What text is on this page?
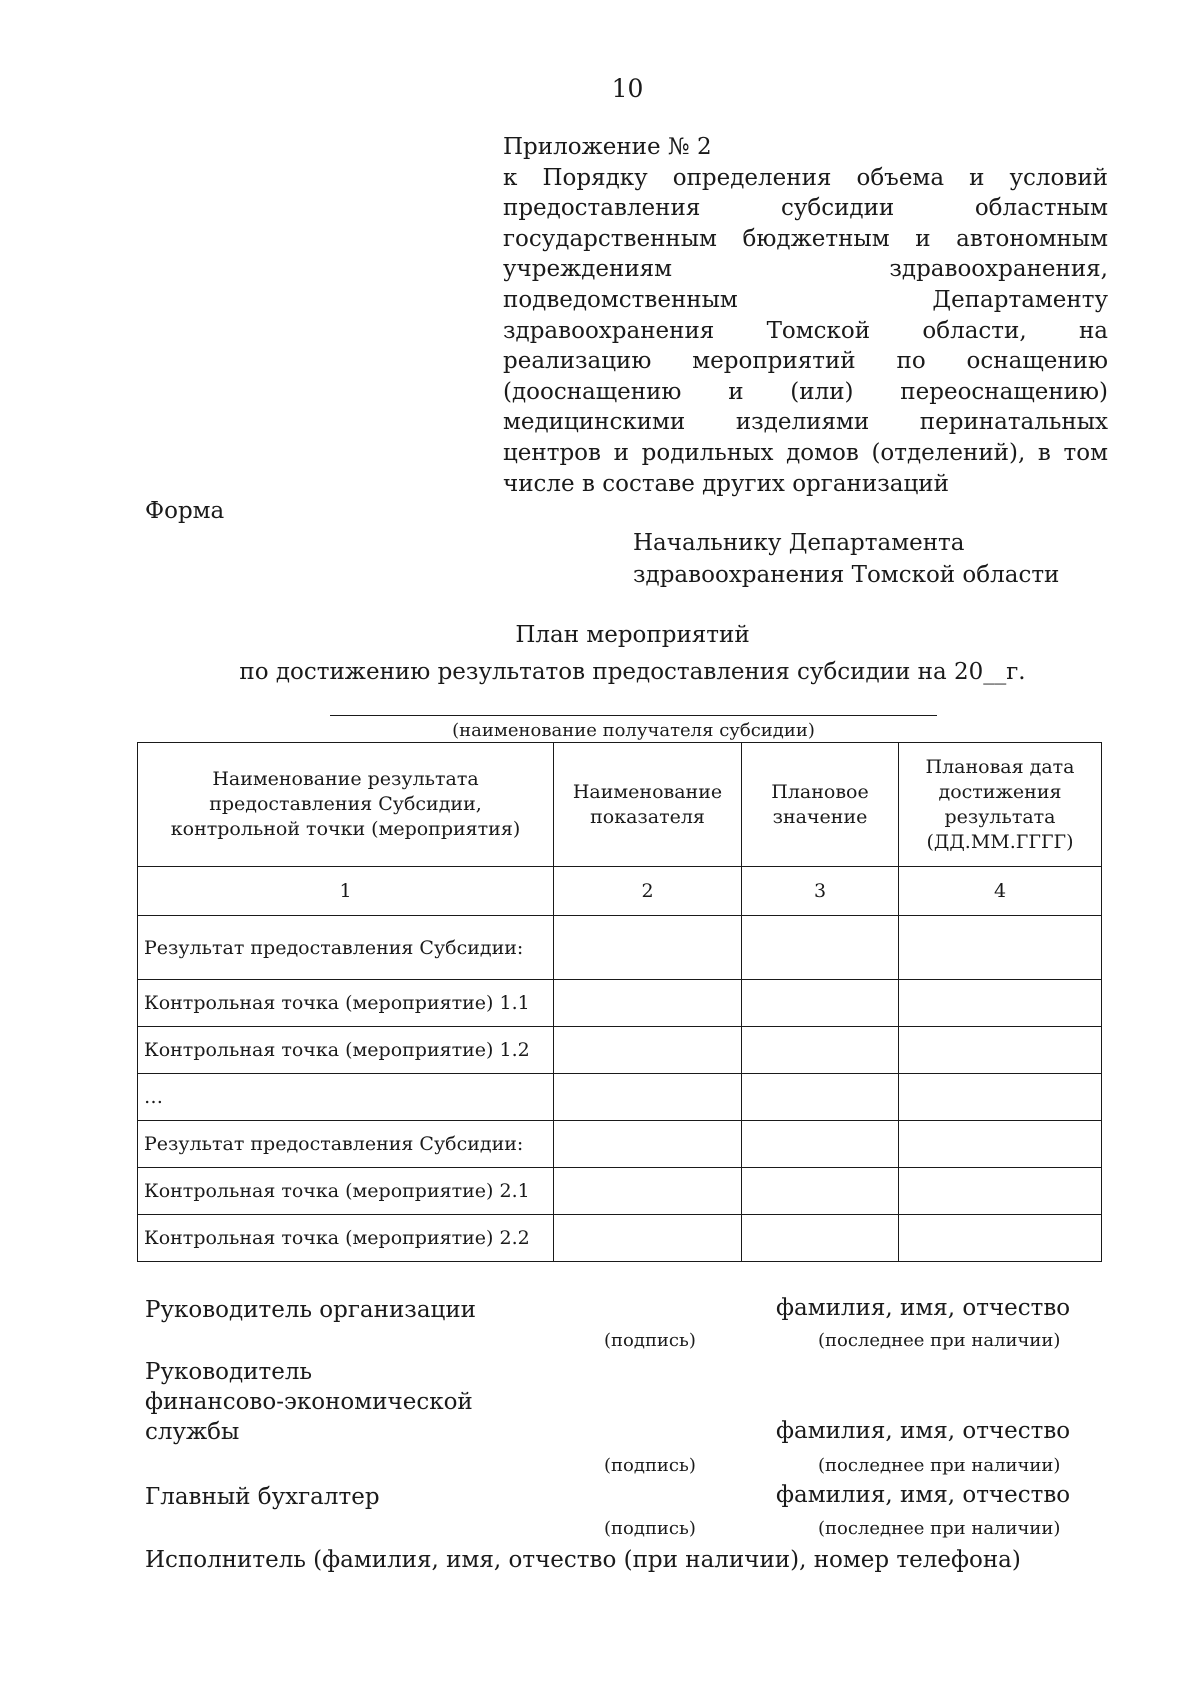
10
Приложение № 2
к Порядку определения объема и условий предоставления субсидии областным государственным бюджетным и автономным учреждениям здравоохранения, подведомственным Департаменту здравоохранения Томской области, на реализацию мероприятий по оснащению (дооснащению и (или) переоснащению) медицинскими изделиями перинатальных центров и родильных домов (отделений), в том числе в составе других организаций
Форма
Начальнику Департамента
здравоохранения Томской области
План мероприятий
по достижению результатов предоставления субсидии на 20__г.
(наименование получателя субсидии)
Наименование результата предоставления Субсидии, контрольной точки (мероприятия)	Наименование показателя	Плановое значение	Плановая дата достижения результата (ДД.ММ.ГГГГ)
1	2	3	4
Результат предоставления Субсидии:			
Контрольная точка (мероприятие) 1.1			
Контрольная точка (мероприятие) 1.2			
…			
Результат предоставления Субсидии:			
Контрольная точка (мероприятие) 2.1			
Контрольная точка (мероприятие) 2.2			
Руководитель организации	фамилия, имя, отчество
(подпись)	(последнее при наличии)
Руководитель
финансово-экономической
службы	фамилия, имя, отчество
(подпись)	(последнее при наличии)
Главный бухгалтер	фамилия, имя, отчество
(подпись)	(последнее при наличии)
Исполнитель (фамилия, имя, отчество (при наличии), номер телефона)
